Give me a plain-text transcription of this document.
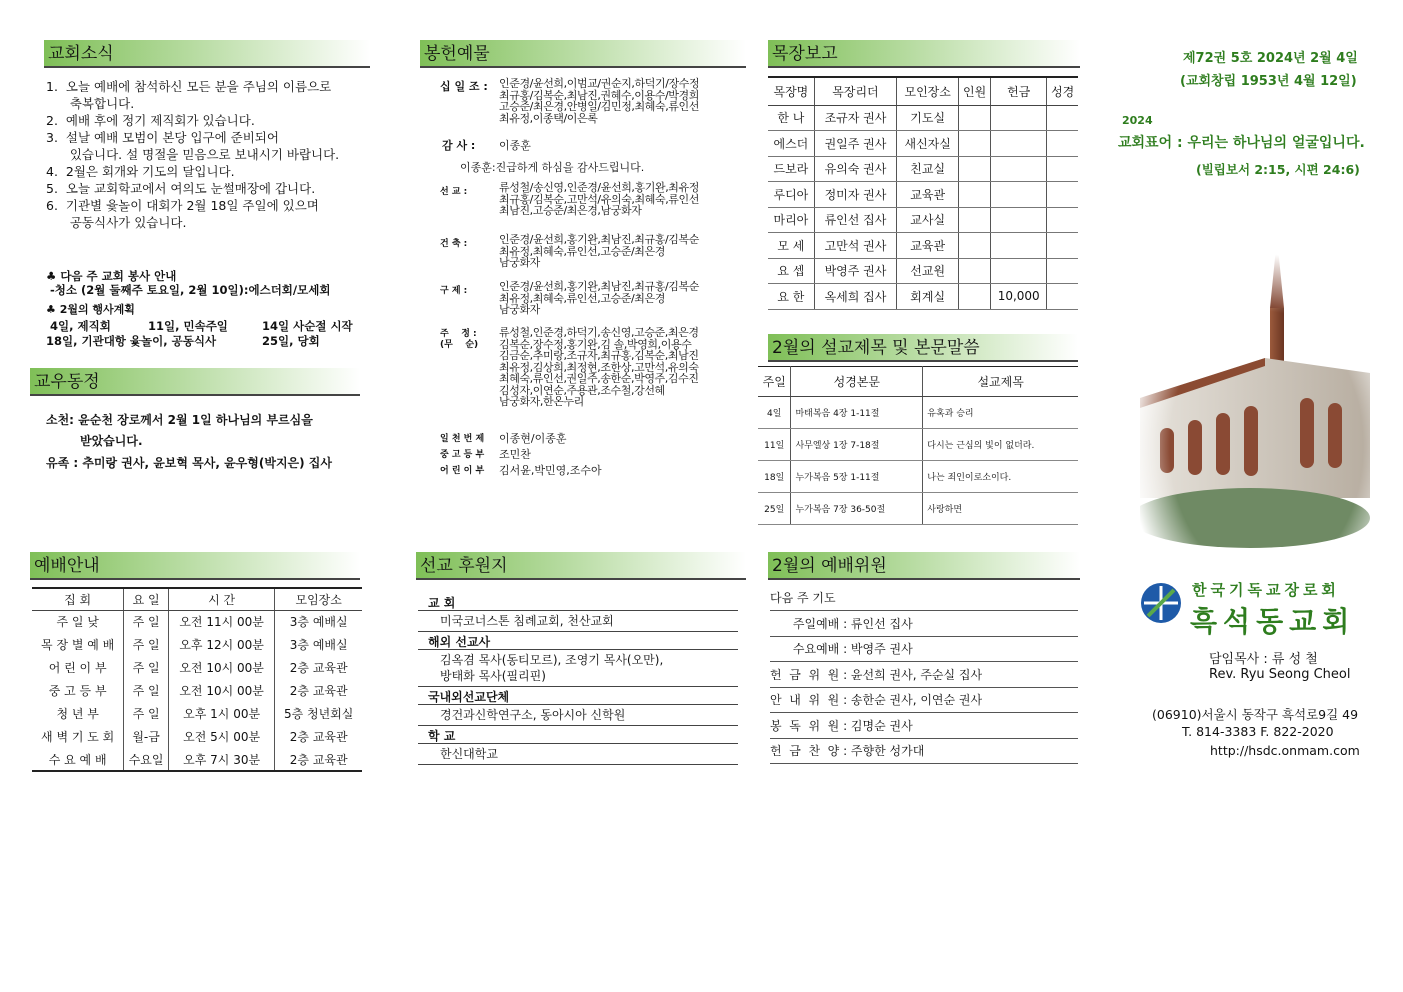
교회소식
1.  오늘 예배에 참석하신 모든 분을 주님의 이름으로
축복합니다.
2.  예배 후에 정기 제직회가 있습니다.
3.  설날 예배 모범이 본당 입구에 준비되어
있습니다. 설 명절을 믿음으로 보내시기 바랍니다.
4.  2월은 회개와 기도의 달입니다.
5.  오늘 교회학교에서 여의도 눈썰매장에 갑니다.
6.  기관별 윷놀이 대회가 2월 18일 주일에 있으며
공동식사가 있습니다.
♣ 다음 주 교회 봉사 안내
-청소 (2월 둘째주 토요일, 2월 10일):에스더회/모세회
♣ 2월의 행사계획
4일, 제직회	11일, 민속주일	14일 사순절 시작
18일, 기관대항 윷놀이, 공동식사	25일, 당회
교우동정
소천: 윤순천 장로께서 2월 1일 하나님의 부르심을
받았습니다.
유족 : 추미랑 권사, 윤보혁 목사, 윤우형(박지은) 집사
예배안내
집 회	요 일	시 간	모임장소
주 일 낮	주 일	오전 11시 00분	3층 예배실
목 장 별 예 배	주 일	오후 12시 00분	3층 예배실
어 린 이 부	주 일	오전 10시 00분	2층 교육관
중 고 등 부	주 일	오전 10시 00분	2층 교육관
청 년 부	주 일	오후 1시 00분	5층 청년회실
새 벽 기 도 회	월-금	오전 5시 00분	2층 교육관
수 요 예 배	수요일	오후 7시 30분	2층 교육관
봉헌예물
십 일 조 : 인준경/윤선희,이범교/권순지,하덕기/장수정
최규홍/김복순,최남진,권혜수,이용수/박경희
고승준/최은경,안병일/김민정,최혜숙,류인선
최유정,이종택/이은록
감 사 : 이종훈
이종훈:진급하게 하심을 감사드립니다.
선 교 :	류성철/송신영,인준경/윤선희,홍기완,최유정
최규홍/김복순,고만석/유의숙,최혜숙,류인선
최남진,고승준/최은경,남궁화자
건 축 :	인준경/윤선희,홍기완,최남진,최규홍/김복순
최유정,최혜숙,류인선,고승준/최은경
남궁화자
구 제 :	인준경/윤선희,홍기완,최남진,최규홍/김복순
최유정,최혜숙,류인선,고승준/최은경
남궁화자
주    정 :
(무    순)
류성철,인준경,하덕기,송신영,고승준,최은경
김복순,장수정,홍기완,김 솔,박영희,이용수
김금순,추미랑,조규자,최규홍,김복순,최남진
최유정,김상희,최정현,조한상,고만석,유의숙
최혜숙,류인선,권일주,송한순,박영주,김수진
김성자,이연순,주용관,조수철,강선혜
남궁화자,한온누리
일 천 번 제	이종현/이종훈
중 고 등 부	조민찬
어 린 이 부	김서윤,박민영,조수아
선교 후원지
교 회
미국코너스톤 침례교회, 천산교회
해외 선교사
김옥겸 목사(동티모르), 조영기 목사(오만),
방태화 목사(필리핀)
국내외선교단체
경건과신학연구소, 동아시아 신학원
학 교
한신대학교
목장보고
목장명	목장리더	모인장소	인원	헌금	성경
한 나	조규자 권사	기도실			
에스더	권일주 권사	새신자실			
드보라	유의숙 권사	친교실			
루디아	정미자 권사	교육관			
마리아	류인선 집사	교사실			
모 세	고만석 권사	교육관			
요 셉	박영주 권사	선교원			
요 한	옥세희 집사	회계실		10,000	
2월의 설교제목 및 본문말씀
주일	성경본문	설교제목
4일	마태복음 4장 1-11절	유혹과 승리
11일	사무엘상 1장 7-18절	다시는 근심의 빛이 없더라.
18일	누가복음 5장 1-11절	나는 죄인이로소이다.
25일	누가복음 7장 36-50절	사랑하면
2월의 예배위원
다음 주 기도
주일예배 : 류인선 집사
수요예배 : 박영주 권사
헌  금  위  원 : 윤선희 권사, 주순실 집사
안  내  위  원 : 송한순 권사, 이연순 권사
봉  독  위  원 : 김명순 권사
헌  금  찬  양 : 주향한 성가대
제72권 5호 2024년 2월 4일
(교회창립 1953년 4월 12일)
2024
교회표어 : 우리는 하나님의 얼굴입니다.
(빌립보서 2:15, 시편 24:6)
한국기독교장로회
흑석동교회
담임목사 : 류 성 철
Rev. Ryu Seong Cheol
(06910)서울시 동작구 흑석로9길 49
T. 814-3383 F. 822-2020
http://hsdc.onmam.com
